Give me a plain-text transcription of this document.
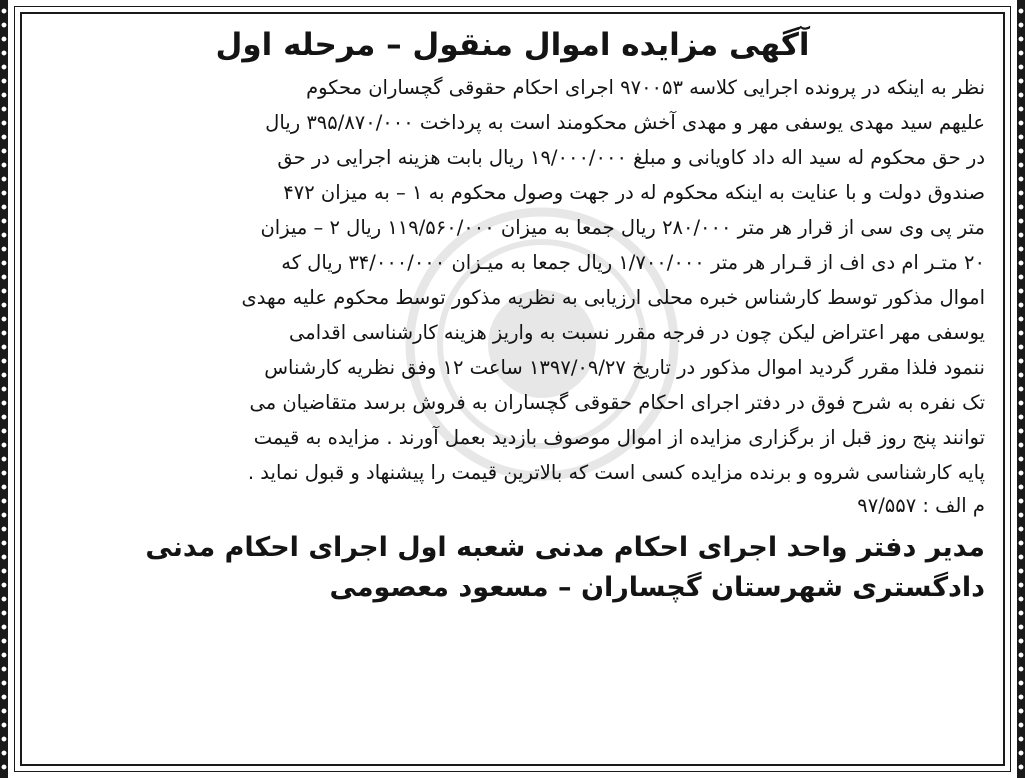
آگهی مزایده اموال منقول – مرحله اول

نظر به اینکه در پرونده اجرایی کلاسه ۹۷۰۰۵۳ اجرای احکام حقوقی گچساران محکوم
علیهم سید مهدی یوسفی مهر و مهدی آخش محکومند است به پرداخت ۳۹۵/۸۷۰/۰۰۰ ریال
در حق محکوم له سید اله داد کاویانی و مبلغ ۱۹/۰۰۰/۰۰۰ ریال بابت هزینه اجرایی در حق
صندوق دولت و با عنایت به اینکه محکوم له در جهت وصول محکوم به ۱ – به میزان ۴۷۲
متر پی وی سی از قرار هر متر ۲۸۰/۰۰۰ ریال جمعا به میزان ۱۱۹/۵۶۰/۰۰۰ ریال ۲ – میزان
۲۰ متـر ام دی اف از قـرار هر متر ۱/۷۰۰/۰۰۰ ریال جمعا به میـزان ۳۴/۰۰۰/۰۰۰ ریال که
اموال مذکور توسط کارشناس خبره محلی ارزیابی به نظریه مذکور توسط محکوم علیه مهدی
یوسفی مهر اعتراض لیکن چون در فرجه مقرر نسبت به واریز هزینه کارشناسی اقدامی
ننمود فلذا مقرر گردید اموال مذکور در تاریخ ۱۳۹۷/۰۹/۲۷ ساعت ۱۲ وفق نظریه کارشناس
تک نفره به شرح فوق در دفتر اجرای احکام حقوقی گچساران به فروش برسد متقاضیان می
توانند پنج روز قبل از برگزاری مزایده از اموال موصوف بازدید بعمل آورند . مزایده به قیمت
پایه کارشناسی شروه و برنده مزایده کسی است که بالاترین قیمت را پیشنهاد و قبول نماید .

م الف : ۹۷/۵۵۷

مدیر دفتر واحد اجرای احکام مدنی شعبه اول اجرای احکام مدنی
دادگستری شهرستان گچساران – مسعود معصومی
